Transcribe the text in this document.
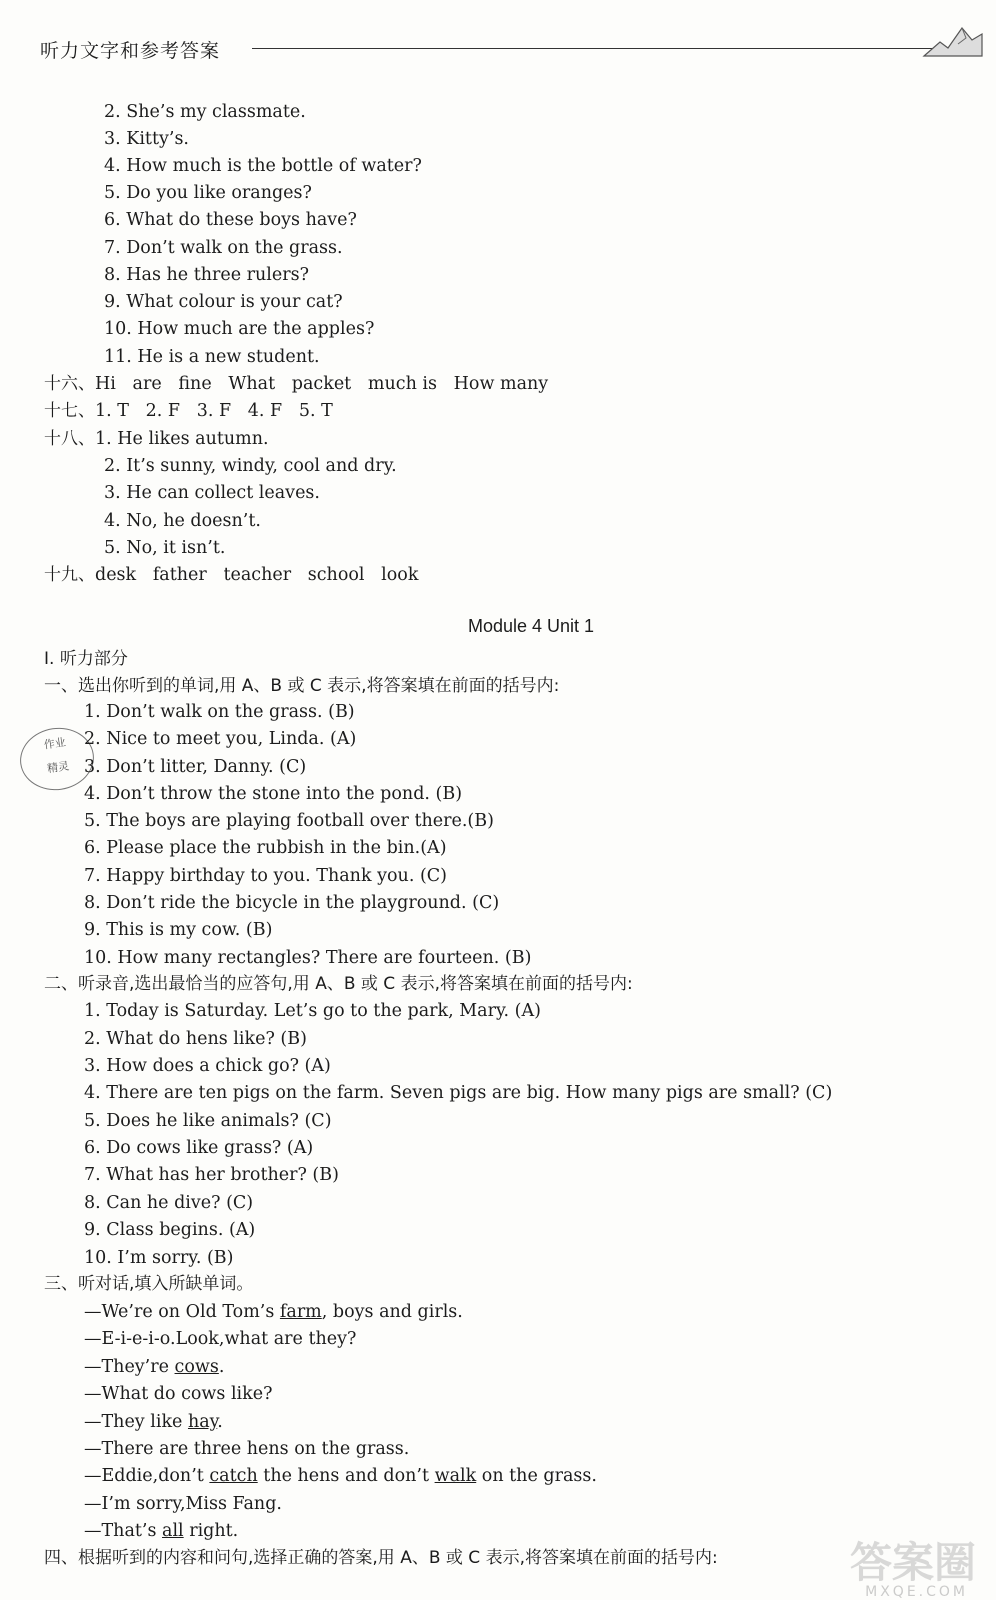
听力文字和参考答案
2. She’s my classmate.
3. Kitty’s.
4. How much is the bottle of water?
5. Do you like oranges?
6. What do these boys have?
7. Don’t walk on the grass.
8. Has he three rulers?
9. What colour is your cat?
10. How much are the apples?
11. He is a new student.
十六、Hi   are   fine   What   packet   much is   How many
十七、1. T   2. F   3. F   4. F   5. T
十八、1. He likes autumn.
2. It’s sunny, windy, cool and dry.
3. He can collect leaves.
4. No, he doesn’t.
5. No, it isn’t.
十九、desk   father   teacher   school   look
Module 4 Unit 1
Ⅰ. 听力部分
一、选出你听到的单词,用 A、B 或 C 表示,将答案填在前面的括号内:
作业
精灵
1. Don’t walk on the grass. (B)
2. Nice to meet you, Linda. (A)
3. Don’t litter, Danny. (C)
4. Don’t throw the stone into the pond. (B)
5. The boys are playing football over there.(B)
6. Please place the rubbish in the bin.(A)
7. Happy birthday to you. Thank you. (C)
8. Don’t ride the bicycle in the playground. (C)
9. This is my cow. (B)
10. How many rectangles? There are fourteen. (B)
二、听录音,选出最恰当的应答句,用 A、B 或 C 表示,将答案填在前面的括号内:
1. Today is Saturday. Let’s go to the park, Mary. (A)
2. What do hens like? (B)
3. How does a chick go? (A)
4. There are ten pigs on the farm. Seven pigs are big. How many pigs are small? (C)
5. Does he like animals? (C)
6. Do cows like grass? (A)
7. What has her brother? (B)
8. Can he dive? (C)
9. Class begins. (A)
10. I’m sorry. (B)
三、听对话,填入所缺单词。
—We’re on Old Tom’s farm, boys and girls.
—E-i-e-i-o.Look,what are they?
—They’re cows.
—What do cows like?
—They like hay.
—There are three hens on the grass.
—Eddie,don’t catch the hens and don’t walk on the grass.
—I’m sorry,Miss Fang.
—That’s all right.
四、根据听到的内容和问句,选择正确的答案,用 A、B 或 C 表示,将答案填在前面的括号内:	答案圈
MXQE.COM
